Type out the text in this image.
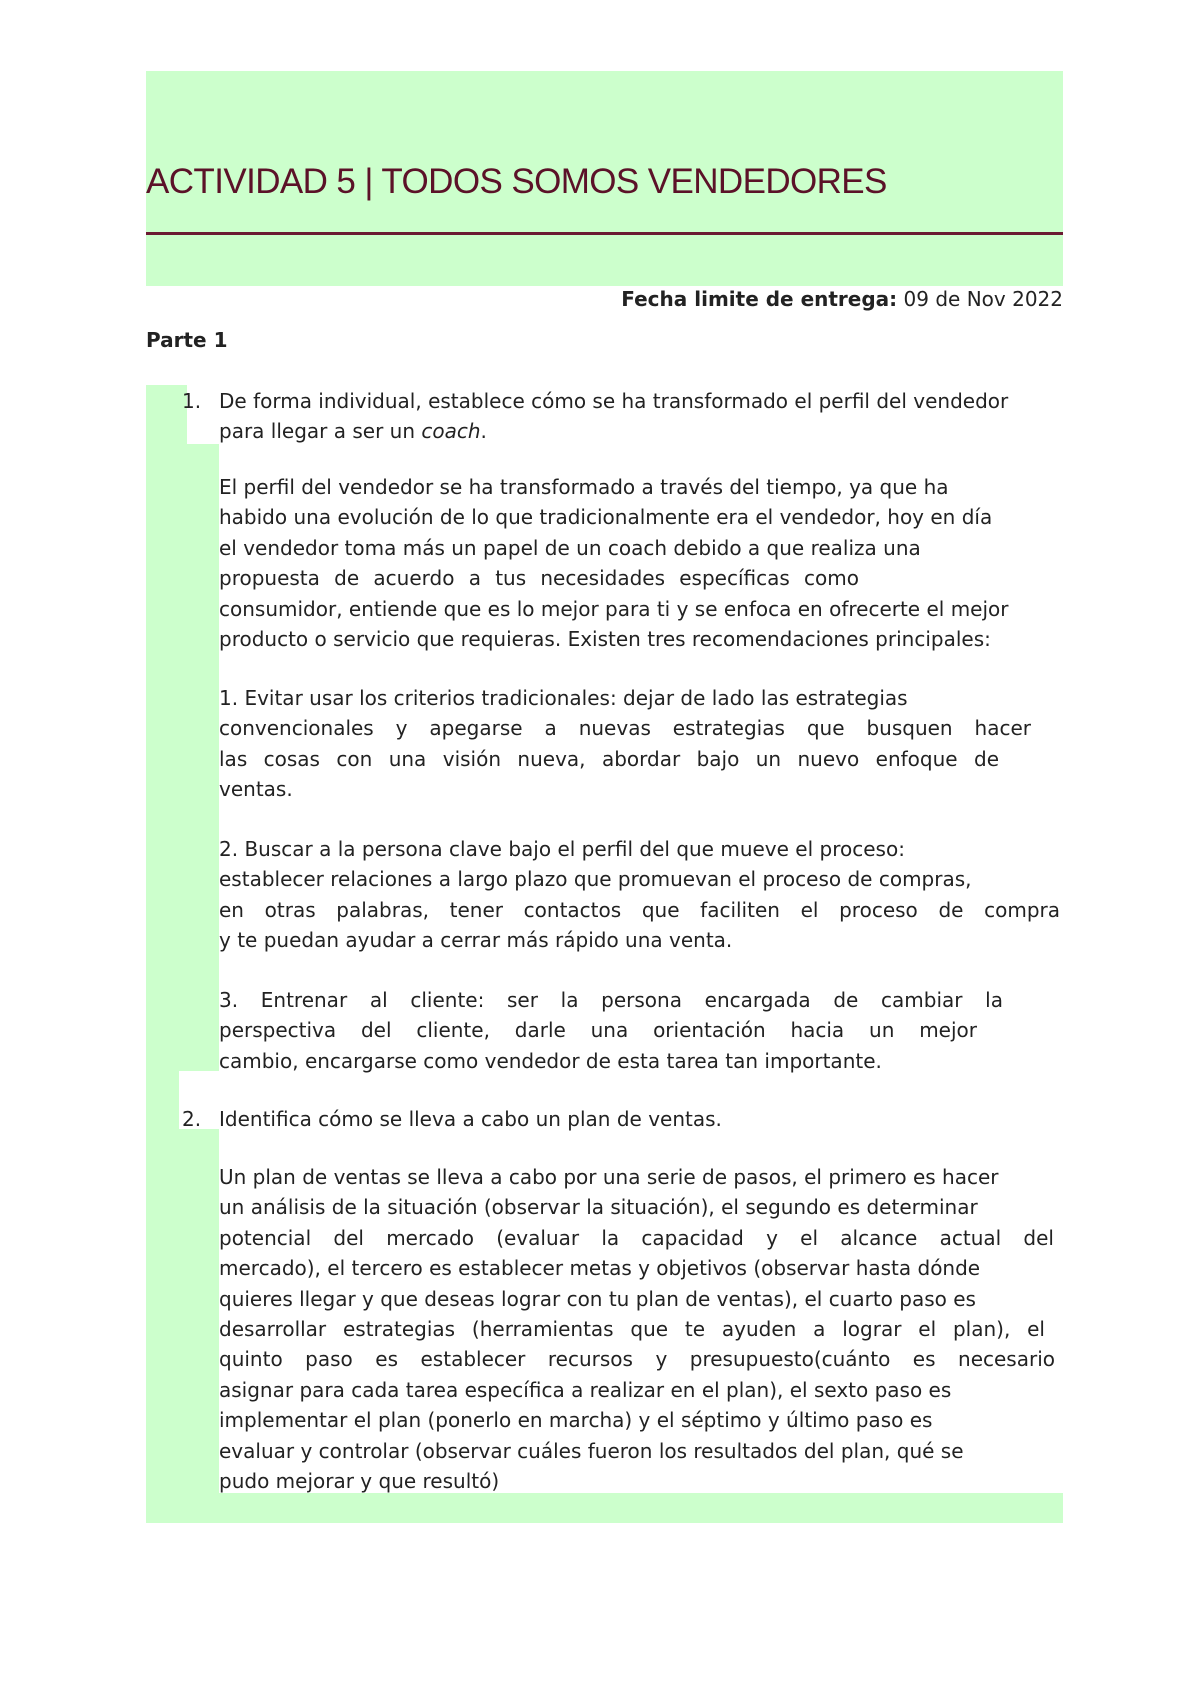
ACTIVIDAD 5 | TODOS SOMOS VENDEDORES
Fecha limite de entrega: 09 de Nov 2022
Parte 1
1. De forma individual, establece cómo se ha transformado el perfil del vendedor
para llegar a ser un coach.
El perfil del vendedor se ha transformado a través del tiempo, ya que ha
habido una evolución de lo que tradicionalmente era el vendedor, hoy en día
el vendedor toma más un papel de un coach debido a que realiza una
propuesta de acuerdo a tus necesidades específicas como
consumidor, entiende que es lo mejor para ti y se enfoca en ofrecerte el mejor
producto o servicio que requieras. Existen tres recomendaciones principales:
1. Evitar usar los criterios tradicionales: dejar de lado las estrategias
convencionales y apegarse a nuevas estrategias que busquen hacer
las cosas con una visión nueva, abordar bajo un nuevo enfoque de
ventas.
2. Buscar a la persona clave bajo el perfil del que mueve el proceso:
establecer relaciones a largo plazo que promuevan el proceso de compras,
en otras palabras, tener contactos que faciliten el proceso de compra
y te puedan ayudar a cerrar más rápido una venta.
3. Entrenar al cliente: ser la persona encargada de cambiar la
perspectiva del cliente, darle una orientación hacia un mejor
cambio, encargarse como vendedor de esta tarea tan importante.
2. Identifica cómo se lleva a cabo un plan de ventas.
Un plan de ventas se lleva a cabo por una serie de pasos, el primero es hacer
un análisis de la situación (observar la situación), el segundo es determinar
potencial del mercado (evaluar la capacidad y el alcance actual del
mercado), el tercero es establecer metas y objetivos (observar hasta dónde
quieres llegar y que deseas lograr con tu plan de ventas), el cuarto paso es
desarrollar estrategias (herramientas que te ayuden a lograr el plan), el
quinto paso es establecer recursos y presupuesto(cuánto es necesario
asignar para cada tarea específica a realizar en el plan), el sexto paso es
implementar el plan (ponerlo en marcha) y el séptimo y último paso es
evaluar y controlar (observar cuáles fueron los resultados del plan, qué se
pudo mejorar y que resultó)
